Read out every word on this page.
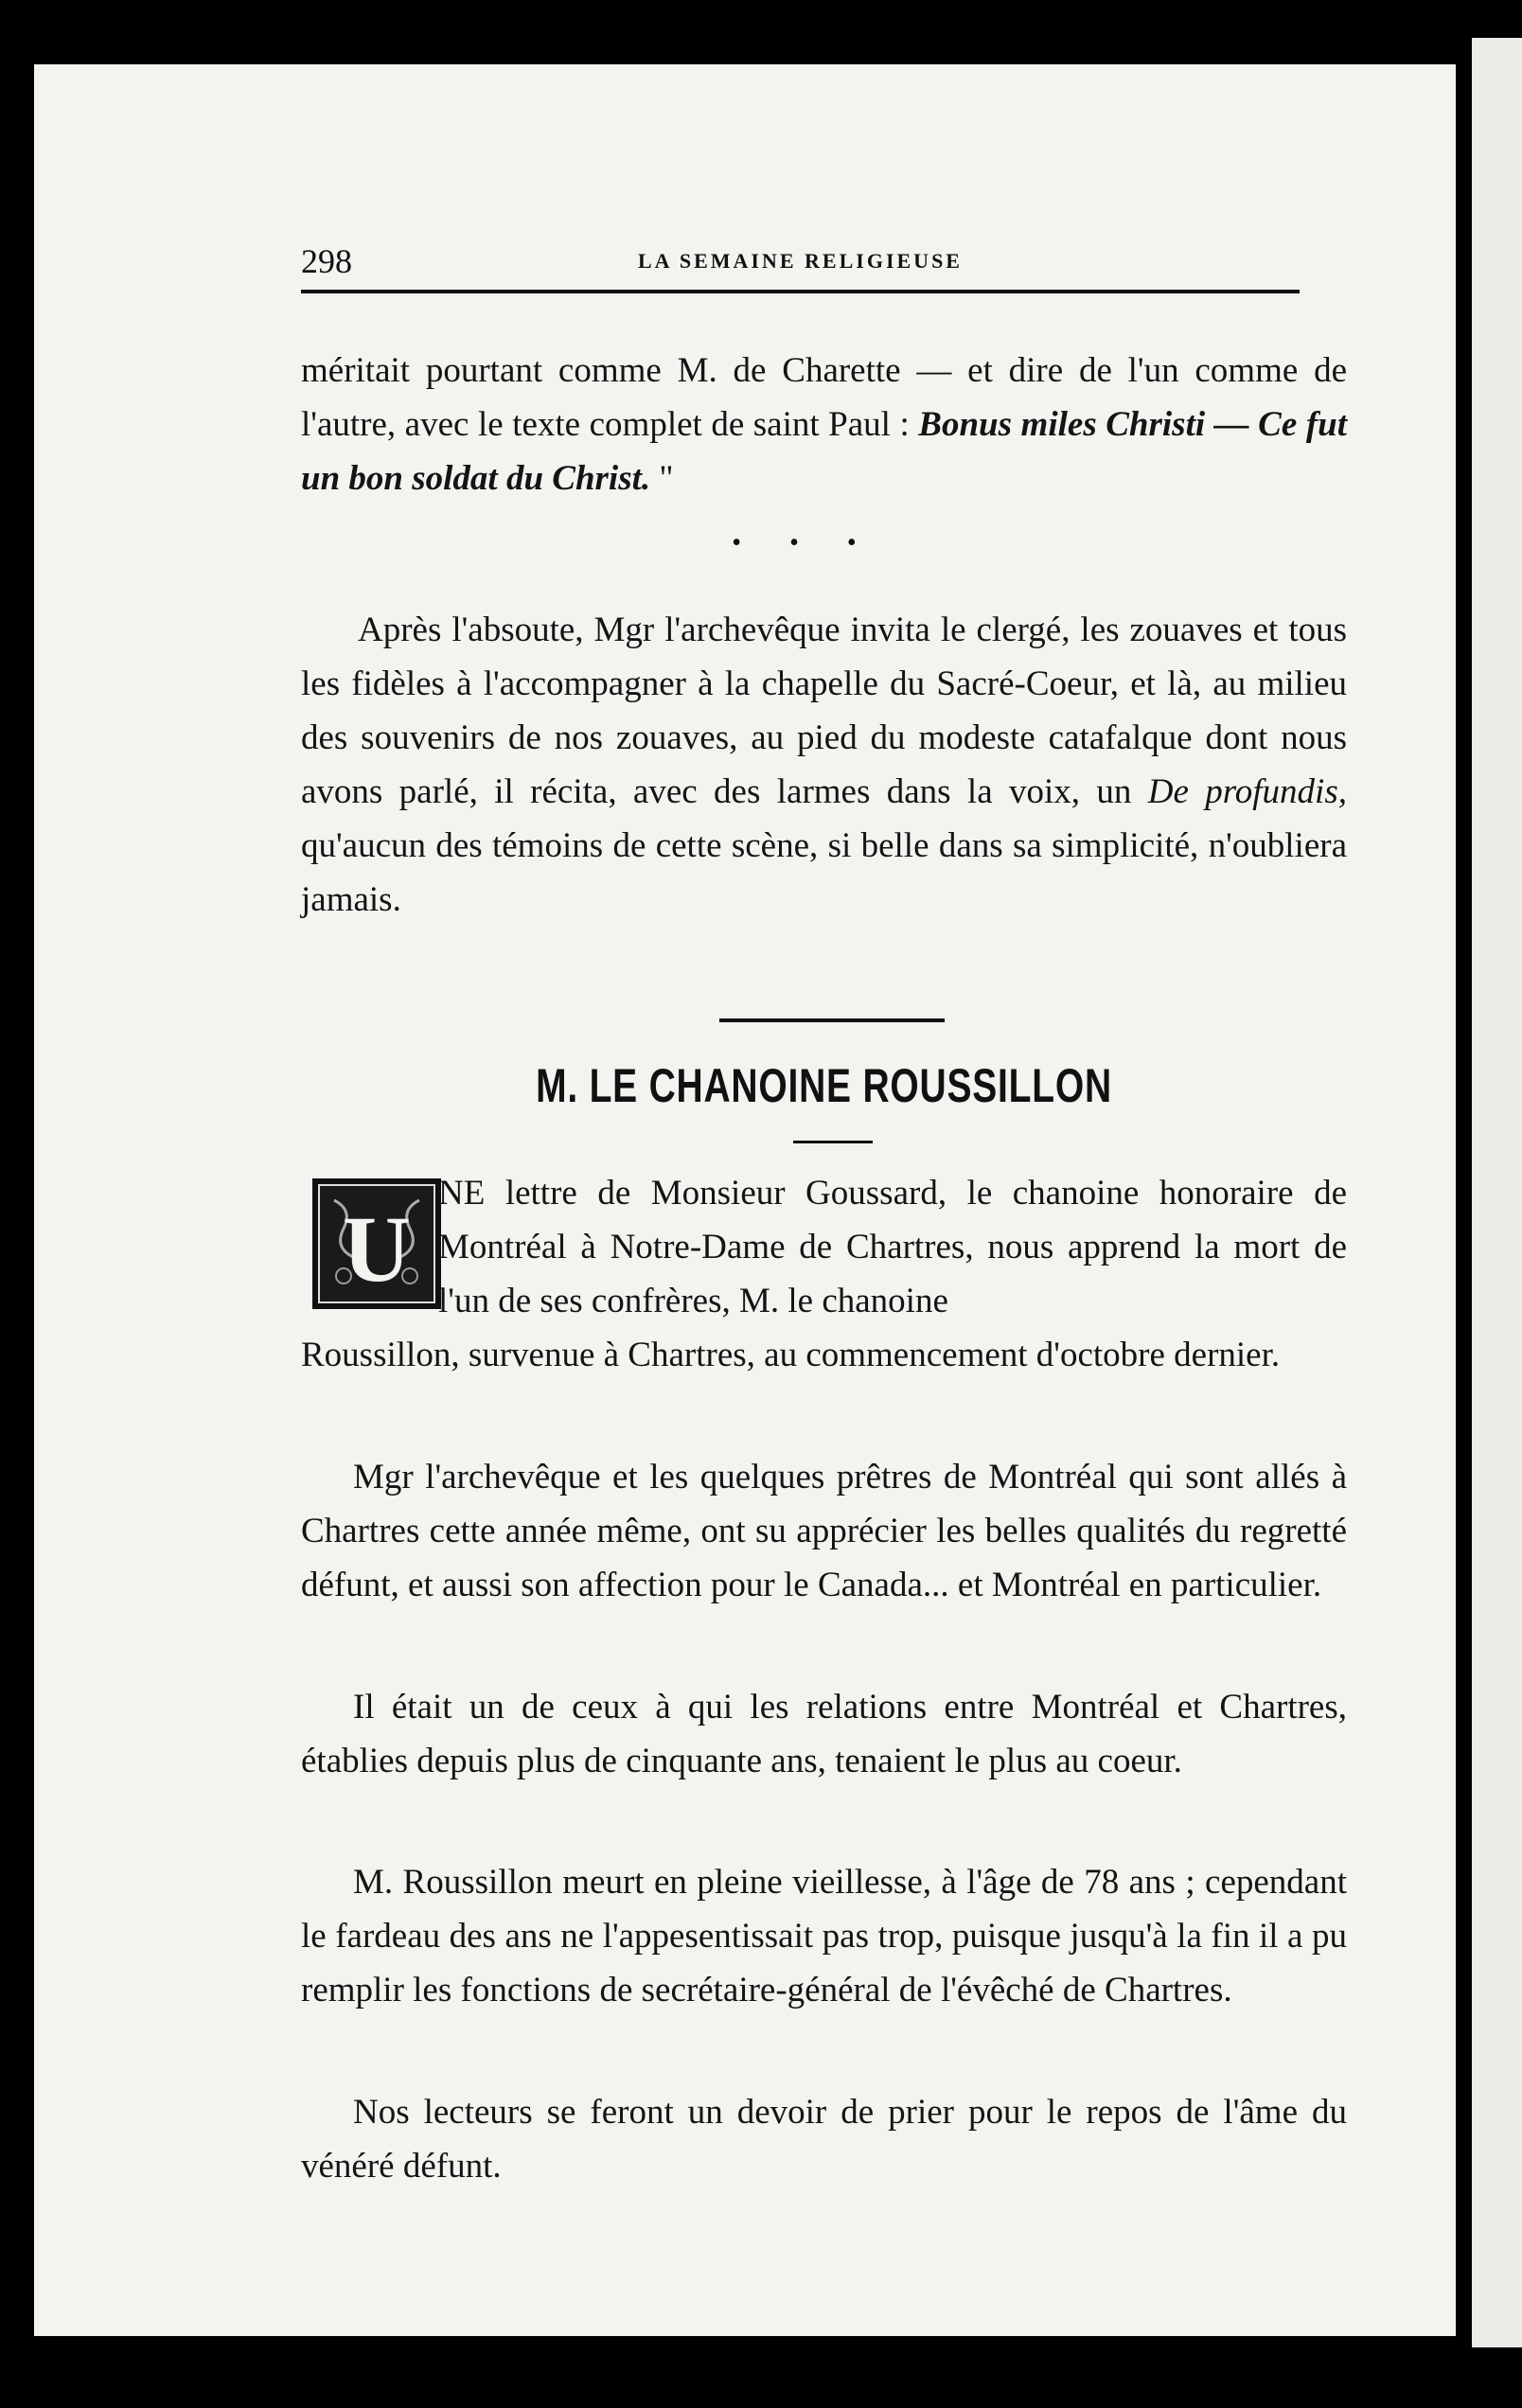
298	LA SEMAINE RELIGIEUSE
méritait pourtant comme M. de Charette — et dire de l'un comme de l'autre, avec le texte complet de saint Paul : Bonus miles Christi — Ce fut un bon soldat du Christ. "
• • •
Après l'absoute, Mgr l'archevêque invita le clergé, les zouaves et tous les fidèles à l'accompagner à la chapelle du Sacré-Coeur, et là, au milieu des souvenirs de nos zouaves, au pied du modeste catafalque dont nous avons parlé, il récita, avec des larmes dans la voix, un De profundis, qu'aucun des témoins de cette scène, si belle dans sa simplicité, n'oubliera jamais.
M. LE CHANOINE ROUSSILLON
U
NE lettre de Monsieur Goussard, le chanoine honoraire de Montréal à Notre-Dame de Chartres, nous apprend la mort de l'un de ses confrères, M. le chanoine
Roussillon, survenue à Chartres, au commencement d'octobre dernier.
Mgr l'archevêque et les quelques prêtres de Montréal qui sont allés à Chartres cette année même, ont su apprécier les belles qualités du regretté défunt, et aussi son affection pour le Canada... et Montréal en particulier.
Il était un de ceux à qui les relations entre Montréal et Chartres, établies depuis plus de cinquante ans, tenaient le plus au coeur.
M. Roussillon meurt en pleine vieillesse, à l'âge de 78 ans ; cependant le fardeau des ans ne l'appesentissait pas trop, puisque jusqu'à la fin il a pu remplir les fonctions de secrétaire-général de l'évêché de Chartres.
Nos lecteurs se feront un devoir de prier pour le repos de l'âme du vénéré défunt.
